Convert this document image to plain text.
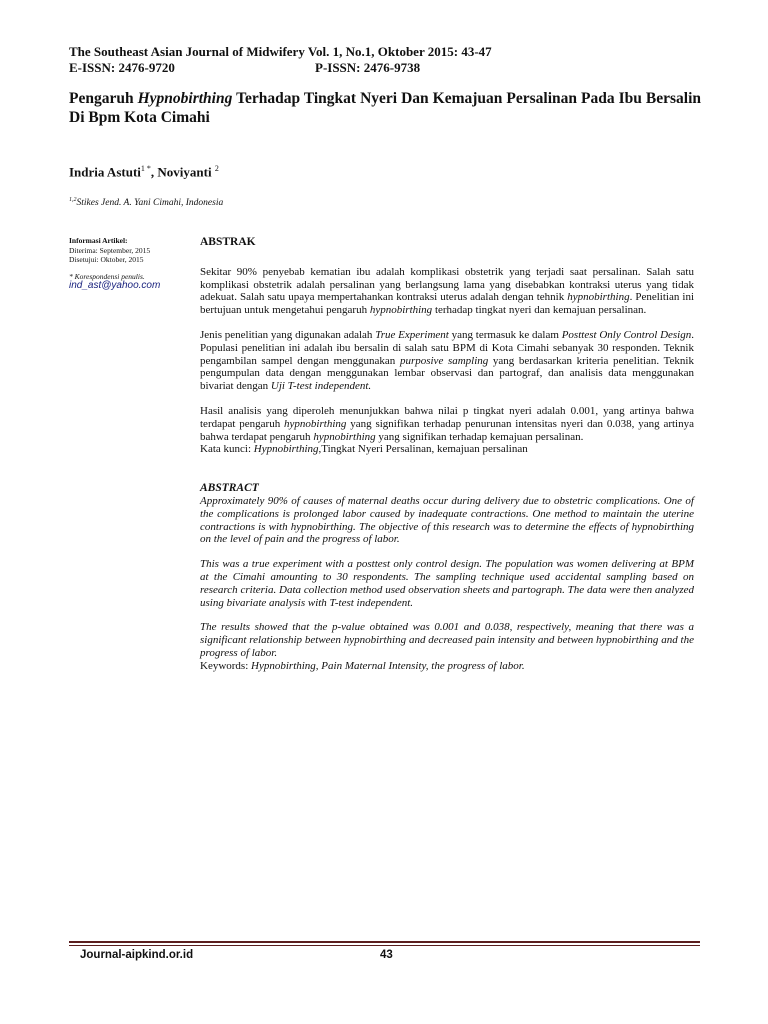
The Southeast Asian Journal of Midwifery Vol. 1, No.1, Oktober 2015: 43-47
E-ISSN: 2476-9720	P-ISSN: 2476-9738
Pengaruh Hypnobirthing Terhadap Tingkat Nyeri Dan Kemajuan Persalinan Pada Ibu Bersalin Di Bpm Kota Cimahi
Indria Astuti$^{1 *}$, Noviyanti $^2$
$^{1,2}$Stikes Jend. A. Yani Cimahi, Indonesia
Informasi Artikel:
Diterima: September, 2015
Disetujui: Oktober, 2015
* Korespondensi penulis.
ind_ast@yahoo.com

ABSTRAK

Sekitar 90% penyebab kematian ibu adalah komplikasi obstetrik yang terjadi saat persalinan. Salah satu komplikasi obstetrik adalah persalinan yang berlangsung lama yang disebabkan kontraksi uterus yang tidak adekuat. Salah satu upaya mempertahankan kontraksi uterus adalah dengan tehnik hypnobirthing. Penelitian ini bertujuan untuk mengetahui pengaruh hypnobirthing terhadap tingkat nyeri dan kemajuan persalinan.

Jenis penelitian yang digunakan adalah True Experiment yang termasuk ke dalam Posttest Only Control Design. Populasi penelitian ini adalah ibu bersalin di salah satu BPM di Kota Cimahi sebanyak 30 responden. Teknik pengambilan sampel dengan menggunakan purposive sampling yang berdasarkan kriteria penelitian. Teknik pengumpulan data dengan menggunakan lembar observasi dan partograf, dan analisis data menggunakan bivariat dengan Uji T-test independent.

Hasil analisis yang diperoleh menunjukkan bahwa nilai p tingkat nyeri adalah 0.001, yang artinya bahwa terdapat pengaruh hypnobirthing yang signifikan terhadap penurunan intensitas nyeri dan 0.038, yang artinya bahwa terdapat pengaruh hypnobirthing yang signifikan terhadap kemajuan persalinan.

Kata kunci: Hypnobirthing,Tingkat Nyeri Persalinan, kemajuan persalinan

ABSTRACT

Approximately 90% of causes of maternal deaths occur during delivery due to obstetric complications. One of the complications is prolonged labor caused by inadequate contractions. One method to maintain the uterine contractions is with hypnobirthing. The objective of this research was to determine the effects of hypnobirthing on the level of pain and the progress of labor.

This was a true experiment with a posttest only control design. The population was women delivering at BPM at the Cimahi amounting to 30 respondents. The sampling technique used accidental sampling based on research criteria. Data collection method used observation sheets and partograph. The data were then analyzed using bivariate analysis with T-test independent.

The results showed that the p-value obtained was 0.001 and 0.038, respectively, meaning that there was a significant relationship between hypnobirthing and decreased pain intensity and between hypnobirthing and the progress of labor.

Keywords: Hypnobirthing, Pain Maternal Intensity, the progress of labor.

Journal-aipkind.or.id	43
